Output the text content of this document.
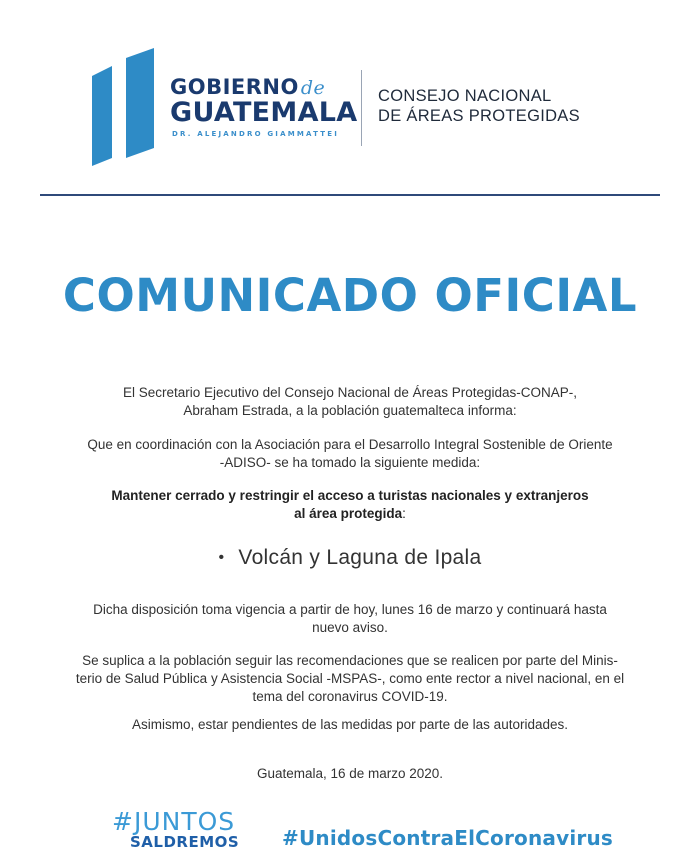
GOBIERNO de
GUATEMALA
DR. ALEJANDRO GIAMMATTEI
CONSEJO NACIONAL
DE ÁREAS PROTEGIDAS
COMUNICADO OFICIAL
El Secretario Ejecutivo del Consejo Nacional de Áreas Protegidas-CONAP-,
Abraham Estrada, a la población guatemalteca informa:
Que en coordinación con la Asociación para el Desarrollo Integral Sostenible de Oriente
-ADISO- se ha tomado la siguiente medida:
Mantener cerrado y restringir el acceso a turistas nacionales y extranjeros
al área protegida:
• Volcán y Laguna de Ipala
Dicha disposición toma vigencia a partir de hoy, lunes 16 de marzo y continuará hasta
nuevo aviso.
Se suplica a la población seguir las recomendaciones que se realicen por parte del Minis-
terio de Salud Pública y Asistencia Social -MSPAS-, como ente rector a nivel nacional, en el
tema del coronavirus COVID-19.
Asimismo, estar pendientes de las medidas por parte de las autoridades.
Guatemala, 16 de marzo 2020.
#JUNTOS
SALDREMOS #UnidosContraElCoronavirus
